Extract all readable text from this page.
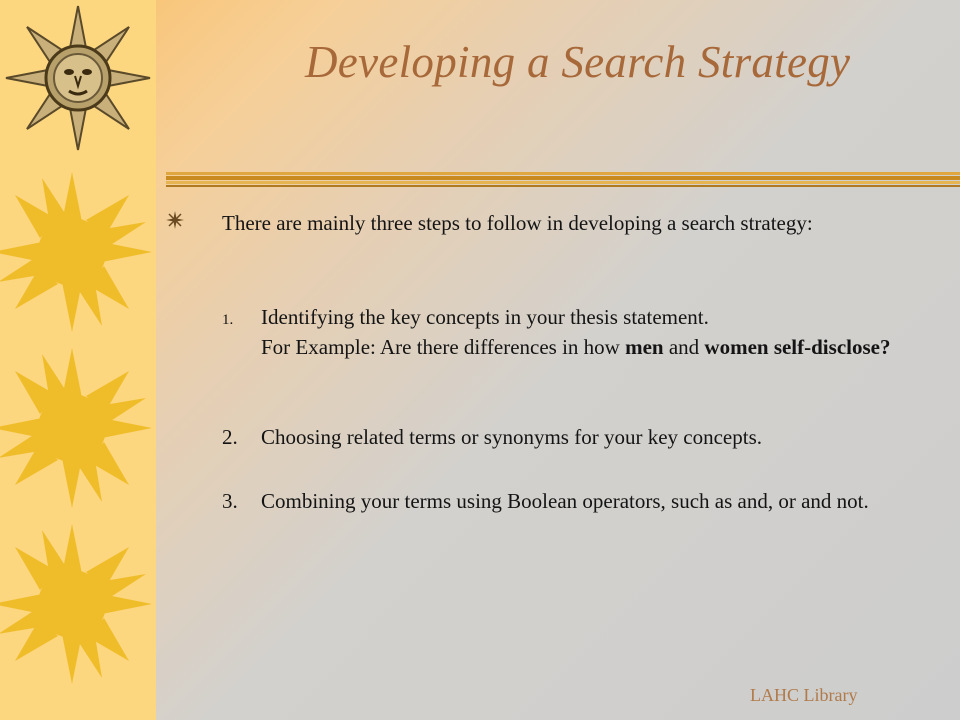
Developing a Search Strategy
There are mainly three steps to follow in developing a search strategy:
1. Identifying the key concepts in your thesis statement.
For Example: Are there differences in how men and women self-disclose?
2. Choosing related terms or synonyms for your key concepts.
3. Combining your terms using Boolean operators, such as and, or and not.
LAHC Library
